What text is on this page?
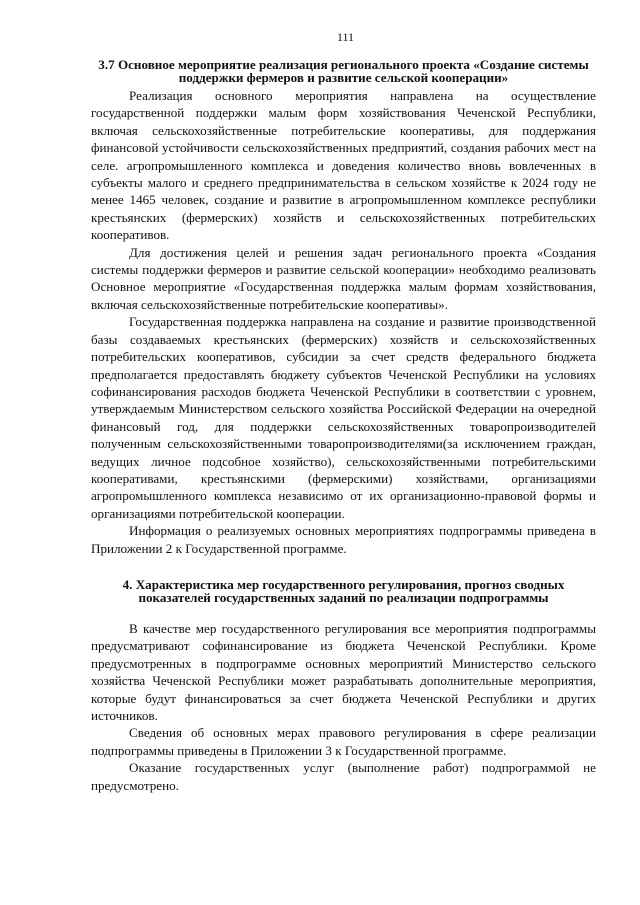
111
3.7 Основное мероприятие реализация регионального проекта «Создание системы поддержки фермеров и развитие сельской кооперации»

Реализация основного мероприятия направлена на осуществление государственной поддержки малым форм хозяйствования Чеченской Республики, включая сельскохозяйственные потребительские кооперативы, для поддержания финансовой устойчивости сельскохозяйственных предприятий, создания рабочих мест на селе. агропромышленного комплекса и доведения количество вновь вовлеченных в субъекты малого и среднего предпринимательства в сельском хозяйстве к 2024 году не менее 1465 человек, создание и развитие в агропромышленном комплексе республики крестьянских (фермерских) хозяйств и сельскохозяйственных потребительских кооперативов.

Для достижения целей и решения задач регионального проекта «Создания системы поддержки фермеров и развитие сельской кооперации» необходимо реализовать Основное мероприятие «Государственная поддержка малым формам хозяйствования, включая сельскохозяйственные потребительские кооперативы».

Государственная поддержка направлена на создание и развитие производственной базы создаваемых крестьянских (фермерских) хозяйств и сельскохозяйственных потребительских кооперативов, субсидии за счет средств федерального бюджета предполагается предоставлять бюджету субъектов Чеченской Республики на условиях софинансирования расходов бюджета Чеченской Республики в соответствии с уровнем, утверждаемым Министерством сельского хозяйства Российской Федерации на очередной финансовый год, для поддержки сельскохозяйственных товаропроизводителей полученным сельскохозяйственными товаропроизводителями(за исключением граждан, ведущих личное подсобное хозяйство), сельскохозяйственными потребительскими кооперативами, крестьянскими (фермерскими) хозяйствами, организациями агропромышленного комплекса независимо от их организационно-правовой формы и организациями потребительской кооперации.

Информация о реализуемых основных мероприятиях подпрограммы приведена в Приложении 2 к Государственной программе.

4. Характеристика мер государственного регулирования, прогноз сводных показателей государственных заданий по реализации подпрограммы

В качестве мер государственного регулирования все мероприятия подпрограммы предусматривают софинансирование из бюджета Чеченской Республики. Кроме предусмотренных в подпрограмме основных мероприятий Министерство сельского хозяйства Чеченской Республики может разрабатывать дополнительные мероприятия, которые будут финансироваться за счет бюджета Чеченской Республики и других источников.

Сведения об основных мерах правового регулирования в сфере реализации подпрограммы приведены в Приложении 3 к Государственной программе.

Оказание государственных услуг (выполнение работ) подпрограммой не предусмотрено.
